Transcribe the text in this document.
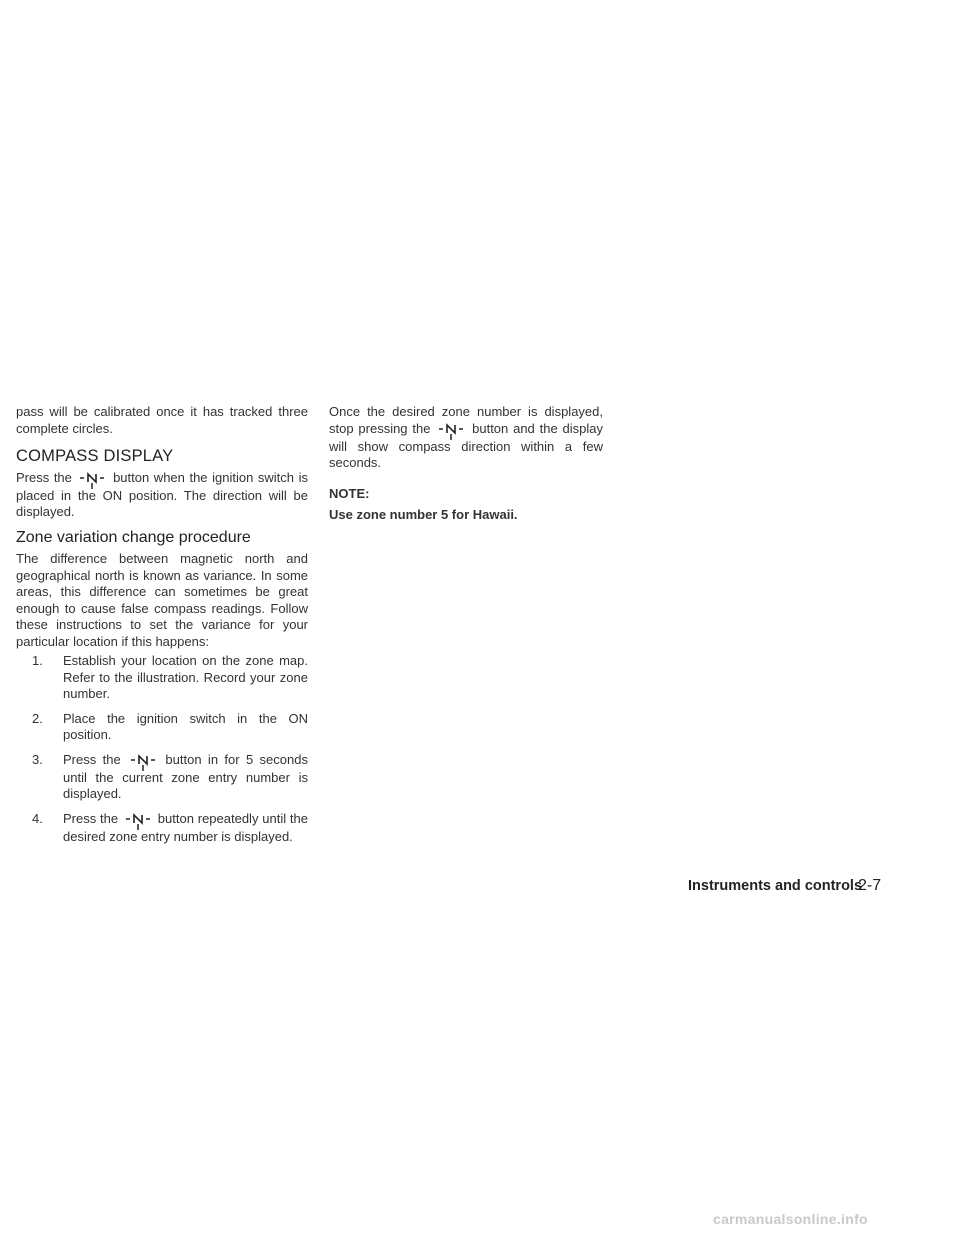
pass will be calibrated once it has tracked three complete circles.

COMPASS DISPLAY

Press the	button when the ignition switch is placed in the ON position. The direction will be displayed.

Zone variation change procedure

The difference between magnetic north and geographical north is known as variance. In some areas, this difference can sometimes be great enough to cause false compass readings. Follow these instructions to set the variance for your particular location if this happens:

1.	Establish your location on the zone map. Refer to the illustration. Record your zone number.
2.	Place the ignition switch in the ON position.
3.	Press the	button in for 5 seconds until the current zone entry number is displayed.
4.	Press the	button repeatedly until the desired zone entry number is displayed.

Once the desired zone number is displayed, stop pressing the	button and the display will show compass direction within a few seconds.

NOTE:

Use zone number 5 for Hawaii.

Instruments and controls
2-7
carmanualsonline.info
